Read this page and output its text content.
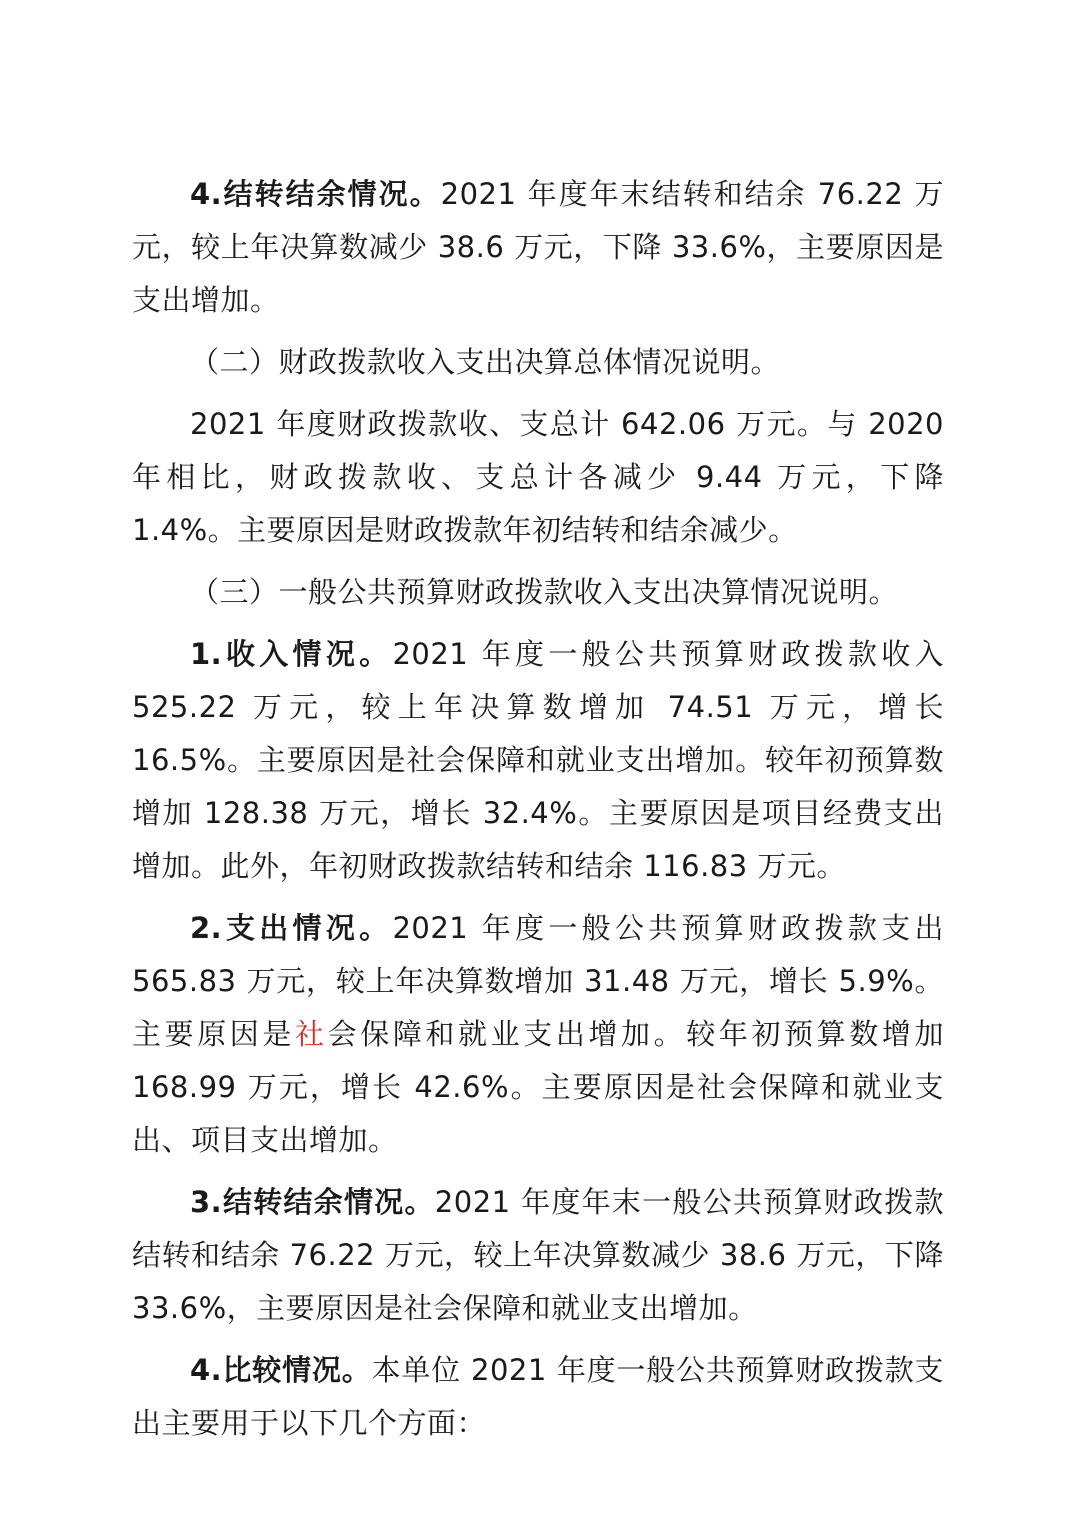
4.结转结余情况。2021 年度年末结转和结余 76.22 万元，较上年决算数减少 38.6 万元，下降 33.6%，主要原因是支出增加。

（二）财政拨款收入支出决算总体情况说明。

2021 年度财政拨款收、支总计 642.06 万元。与 2020 年相比，财政拨款收、支总计各减少 9.44 万元，下降 1.4%。主要原因是财政拨款年初结转和结余减少。

（三）一般公共预算财政拨款收入支出决算情况说明。

1.收入情况。2021 年度一般公共预算财政拨款收入 525.22 万元，较上年决算数增加 74.51 万元，增长 16.5%。主要原因是社会保障和就业支出增加。较年初预算数增加 128.38 万元，增长 32.4%。主要原因是项目经费支出增加。此外，年初财政拨款结转和结余 116.83 万元。

2.支出情况。2021 年度一般公共预算财政拨款支出 565.83 万元，较上年决算数增加 31.48 万元，增长 5.9%。主要原因是社会保障和就业支出增加。较年初预算数增加 168.99 万元，增长 42.6%。主要原因是社会保障和就业支出、项目支出增加。

3.结转结余情况。2021 年度年末一般公共预算财政拨款结转和结余 76.22 万元，较上年决算数减少 38.6 万元，下降 33.6%，主要原因是社会保障和就业支出增加。

4.比较情况。本单位 2021 年度一般公共预算财政拨款支出主要用于以下几个方面：
